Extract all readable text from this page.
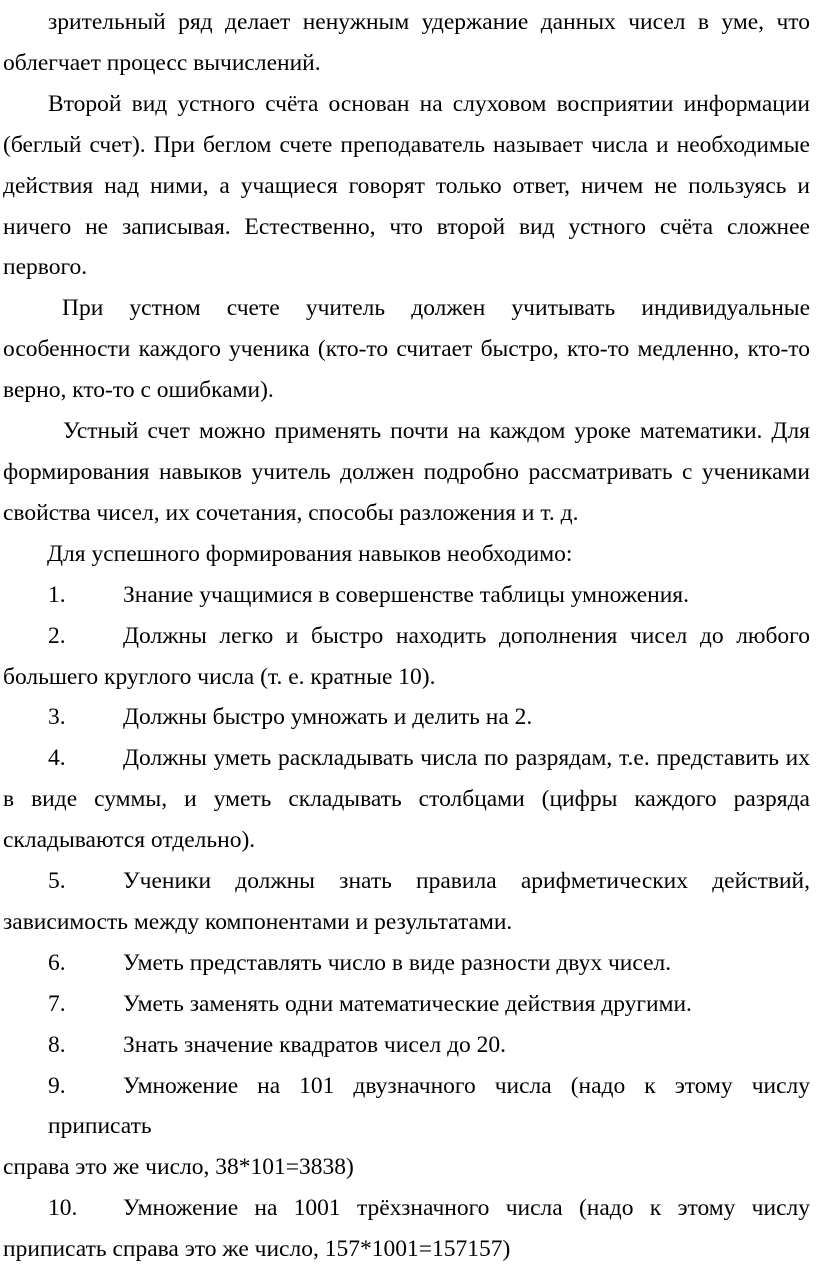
зрительный ряд делает ненужным удержание данных чисел в уме, что
облегчает процесс вычислений.
Второй вид устного счёта основан на слуховом восприятии информации
(беглый счет). При беглом счете преподаватель называет числа и необходимые
действия над ними, а учащиеся говорят только ответ, ничем не пользуясь и
ничего не записывая. Естественно, что второй вид устного счёта сложнее
первого.
При устном счете учитель должен учитывать индивидуальные
особенности каждого ученика (кто-то считает быстро, кто-то медленно, кто-то
верно, кто-то с ошибками).
Устный счет можно применять почти на каждом уроке математики. Для
формирования навыков учитель должен подробно рассматривать с учениками
свойства чисел, их сочетания, способы разложения и т. д.
Для успешного формирования навыков необходимо:
1. Знание учащимися в совершенстве таблицы умножения.
2. Должны легко и быстро находить дополнения чисел до любого
большего круглого числа (т. е. кратные 10).
3. Должны быстро умножать и делить на 2.
4. Должны уметь раскладывать числа по разрядам, т.е. представить их
в виде суммы, и уметь складывать столбцами (цифры каждого разряда
складываются отдельно).
5. Ученики должны знать правила арифметических действий,
зависимость между компонентами и результатами.
6. Уметь представлять число в виде разности двух чисел.
7. Уметь заменять одни математические действия другими.
8. Знать значение квадратов чисел до 20.
9. Умножение на 101 двузначного числа (надо к этому числу приписать
справа это же число, 38*101=3838)
10. Умножение на 1001 трёхзначного числа (надо к этому числу
приписать справа это же число, 157*1001=157157)
